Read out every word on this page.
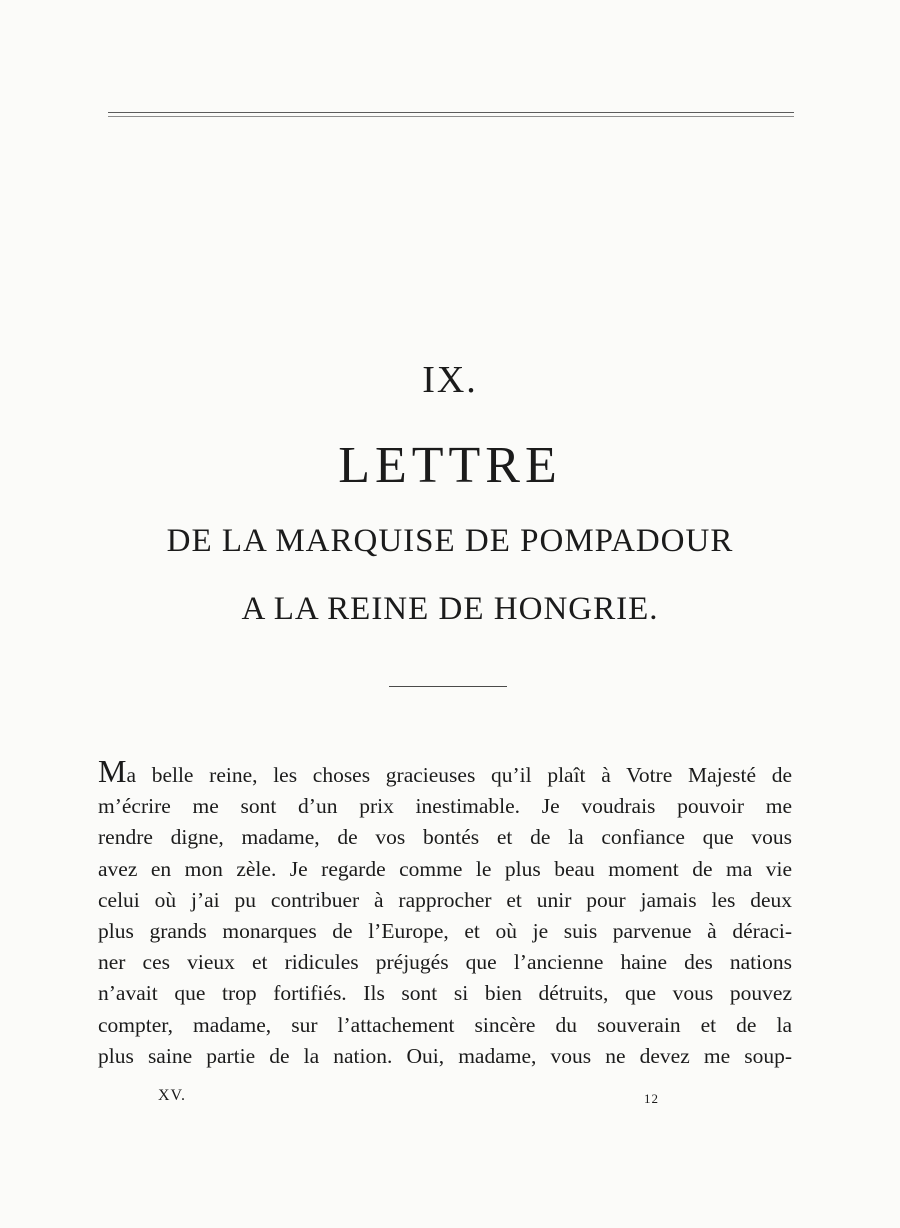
IX.
LETTRE
DE LA MARQUISE DE POMPADOUR
A LA REINE DE HONGRIE.
Ma belle reine, les choses gracieuses qu’il plaît à Votre Majesté de
m’écrire me sont d’un prix inestimable. Je voudrais pouvoir me
rendre digne, madame, de vos bontés et de la confiance que vous
avez en mon zèle. Je regarde comme le plus beau moment de ma vie
celui où j’ai pu contribuer à rapprocher et unir pour jamais les deux
plus grands monarques de l’Europe, et où je suis parvenue à déraci-
ner ces vieux et ridicules préjugés que l’ancienne haine des nations
n’avait que trop fortifiés. Ils sont si bien détruits, que vous pouvez
compter, madame, sur l’attachement sincère du souverain et de la
plus saine partie de la nation. Oui, madame, vous ne devez me soup-
XV.	12
